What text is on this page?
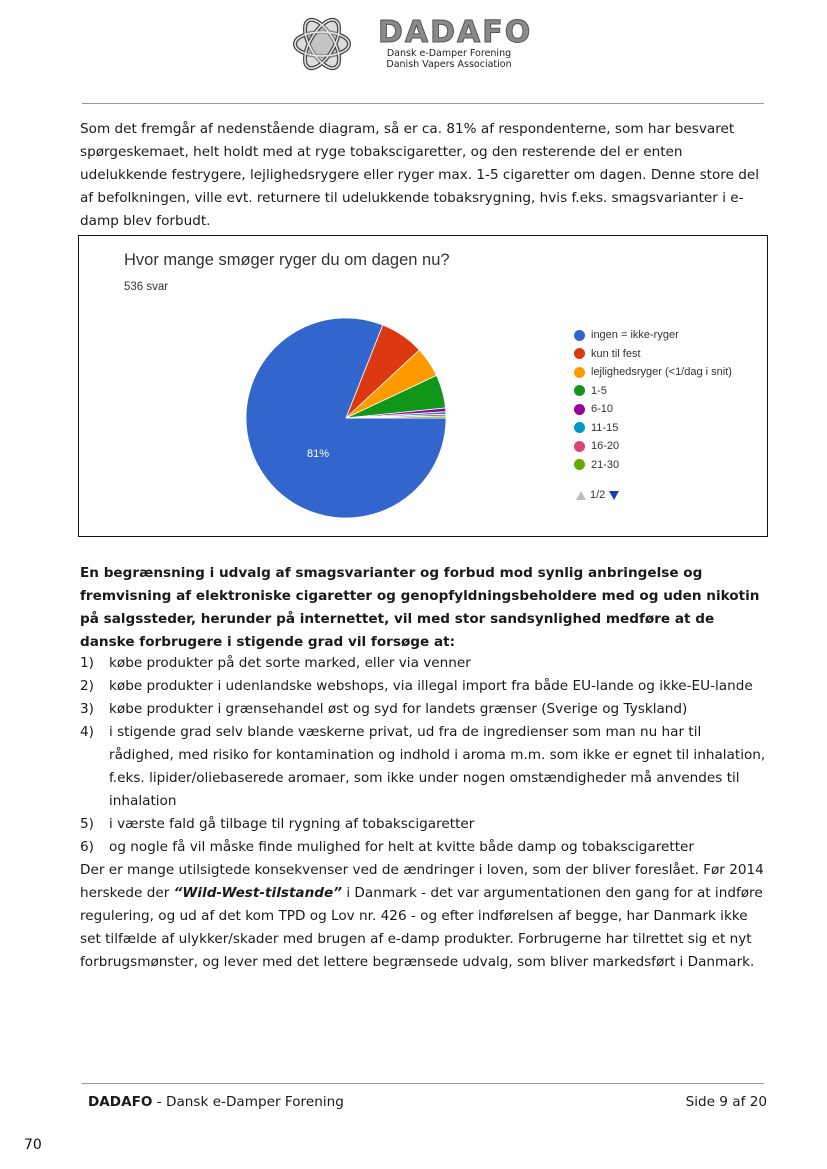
DADAFO
Dansk e-Damper Forening
Danish Vapers Association
Som det fremgår af nedenstående diagram, så er ca. 81% af respondenterne, som har besvaret spørgeskemaet, helt holdt med at ryge tobakscigaretter, og den resterende del er enten udelukkende festrygere, lejlighedsrygere eller ryger max. 1-5 cigaretter om dagen. Denne store del af befolkningen, ville evt. returnere til udelukkende tobaksrygning, hvis f.eks. smagsvarianter i e-damp blev forbudt.
Hvor mange smøger ryger du om dagen nu?
536 svar
81%
ingen = ikke-ryger
kun til fest
lejlighedsryger (<1/dag i snit)
1-5
6-10
11-15
16-20
21-30
1/2
En begrænsning i udvalg af smagsvarianter og forbud mod synlig anbringelse og fremvisning af elektroniske cigaretter og genopfyldningsbeholdere med og uden nikotin på salgssteder, herunder på internettet, vil med stor sandsynlighed medføre at de danske forbrugere i stigende grad vil forsøge at:
1)	købe produkter på det sorte marked, eller via venner
2)	købe produkter i udenlandske webshops, via illegal import fra både EU-lande og ikke-EU-lande
3)	købe produkter i grænsehandel øst og syd for landets grænser (Sverige og Tyskland)
4)	i stigende grad selv blande væskerne privat, ud fra de ingredienser som man nu har til rådighed, med risiko for kontamination og indhold i aroma m.m. som ikke er egnet til inhalation, f.eks. lipider/oliebaserede aromaer, som ikke under nogen omstændigheder må anvendes til inhalation
5)	i værste fald gå tilbage til rygning af tobakscigaretter
6)	og nogle få vil måske finde mulighed for helt at kvitte både damp og tobakscigaretter
Der er mange utilsigtede konsekvenser ved de ændringer i loven, som der bliver foreslået. Før 2014 herskede der “Wild-West-tilstande” i Danmark - det var argumentationen den gang for at indføre regulering, og ud af det kom TPD og Lov nr. 426 - og efter indførelsen af begge, har Danmark ikke set tilfælde af ulykker/skader med brugen af e-damp produkter. Forbrugerne har tilrettet sig et nyt forbrugsmønster, og lever med det lettere begrænsede udvalg, som bliver markedsført i Danmark.
DADAFO - Dansk e-Damper Forening	Side 9 af 20
70
